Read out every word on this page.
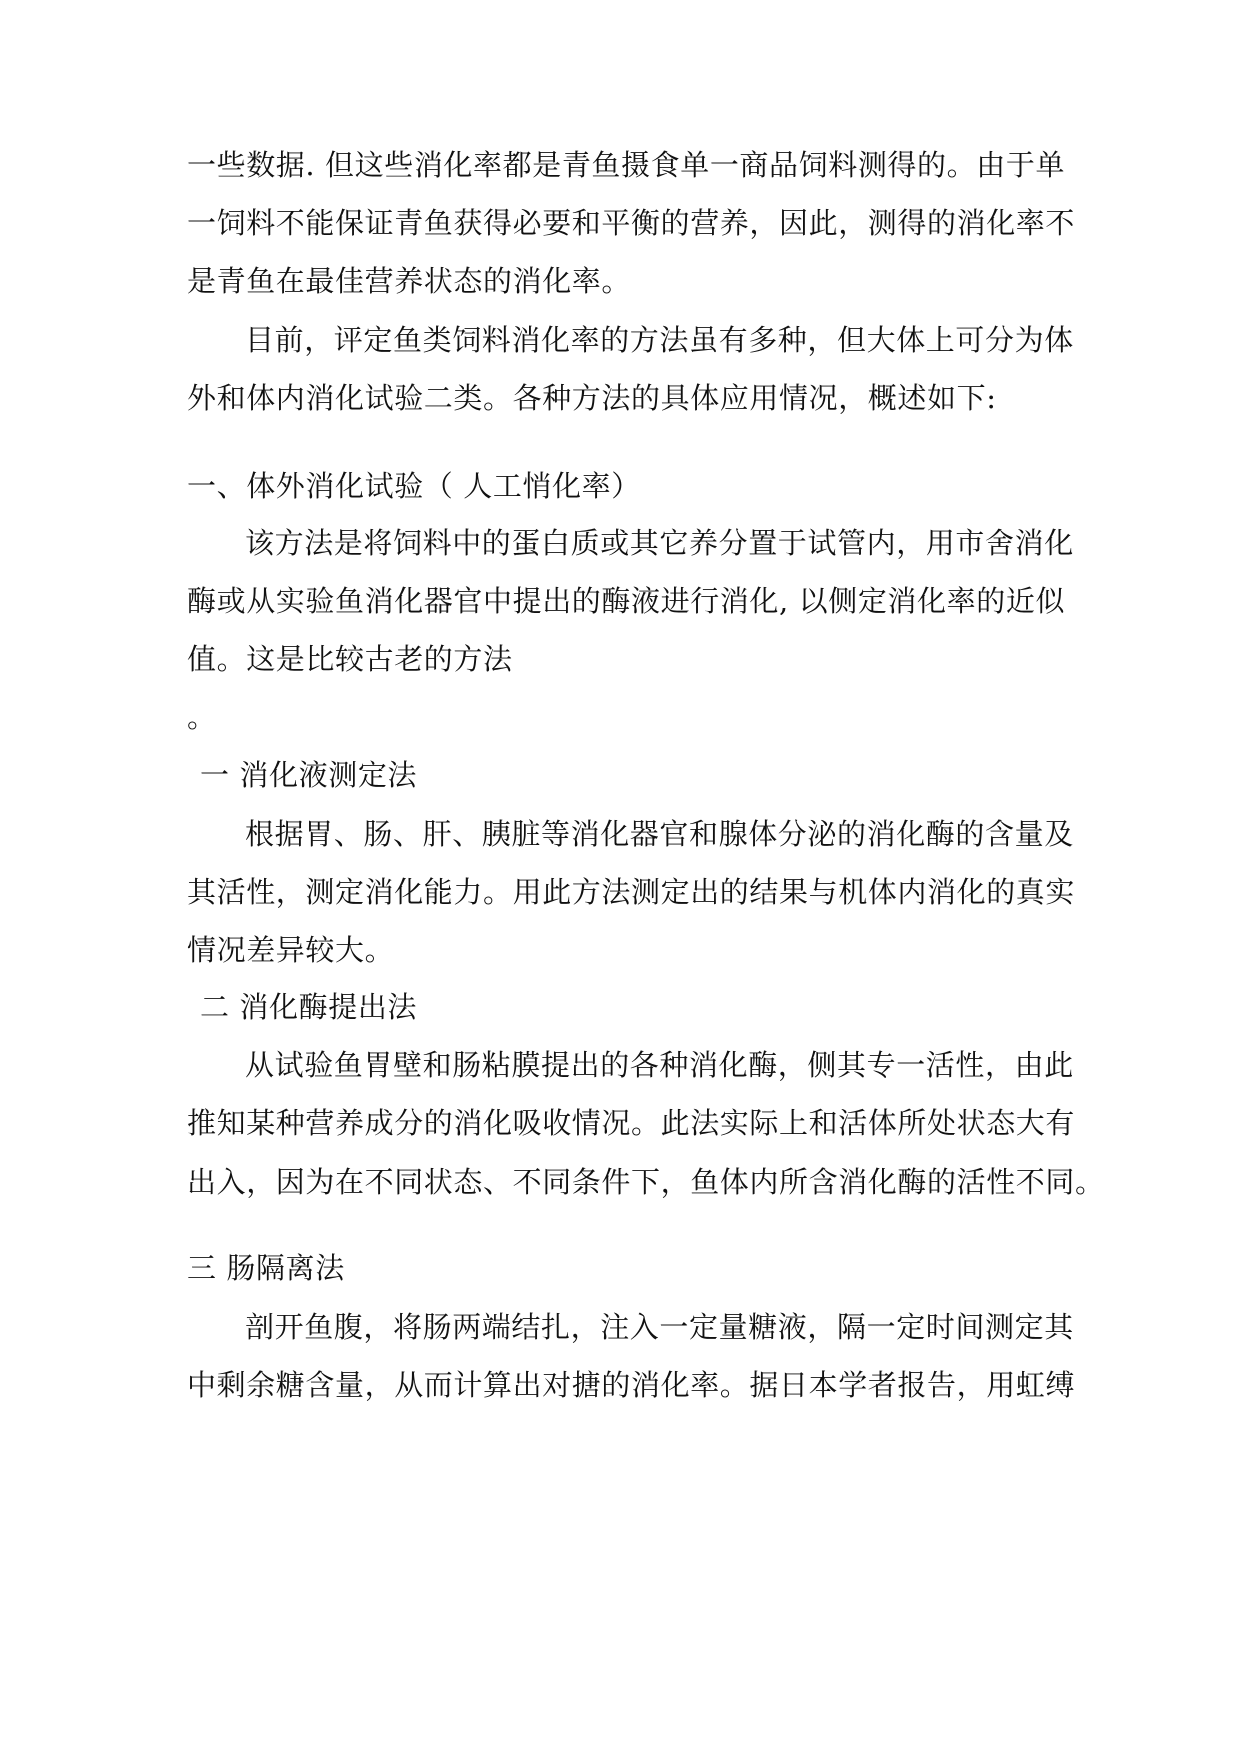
一些数据. 但这些消化率都是青鱼摄食单一商品饲料测得的。由于单
一饲料不能保证青鱼获得必要和平衡的营养，因此，测得的消化率不
是青鱼在最佳营养状态的消化率。
目前，评定鱼类饲料消化率的方法虽有多种，但大体上可分为体
外和体内消化试验二类。各种方法的具体应用情况，概述如下:
一、体外消化试验（ 人工悄化率）
该方法是将饲料中的蛋白质或其它养分置于试管内，用市舍消化
酶或从实验鱼消化器官中提出的酶液进行消化, 以侧定消化率的近似
值。这是比较古老的方法
。
一 消化液测定法
根据胃、肠、肝、胰脏等消化器官和腺体分泌的消化酶的含量及
其活性，测定消化能力。用此方法测定出的结果与机体内消化的真实
情况差异较大。
二 消化酶提出法
从试验鱼胃壁和肠粘膜提出的各种消化酶，侧其专一活性，由此
推知某种营养成分的消化吸收情况。此法实际上和活体所处状态大有
出入，因为在不同状态、不同条件下，鱼体内所含消化酶的活性不同。
三 肠隔离法
剖开鱼腹，将肠两端结扎，注入一定量糖液，隔一定时间测定其
中剩余糖含量，从而计算出对搪的消化率。据日本学者报告，用虹缚
